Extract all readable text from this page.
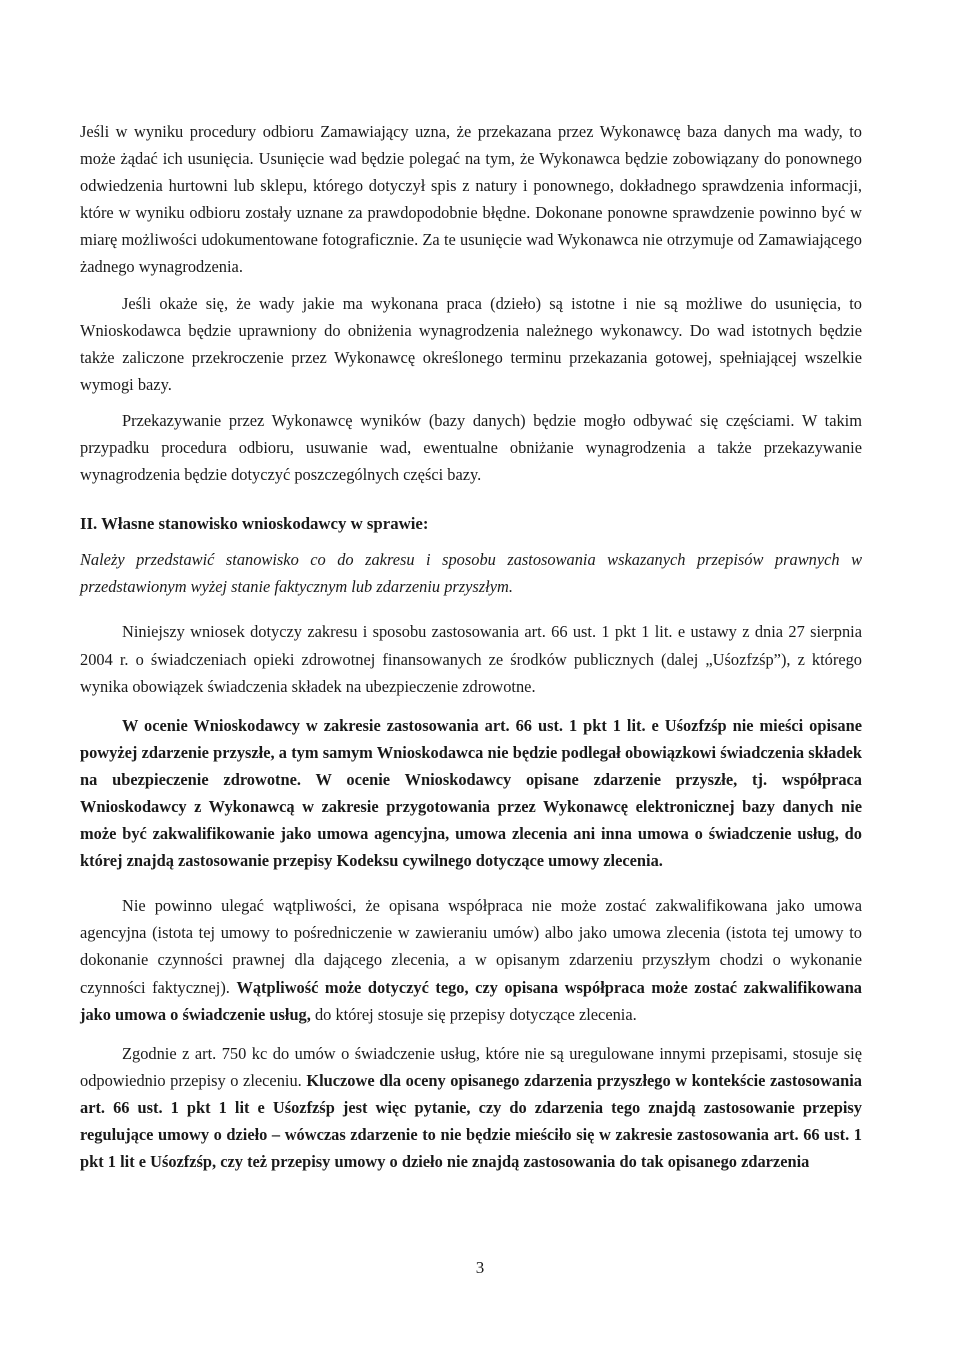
Jeśli w wyniku procedury odbioru Zamawiający uzna, że przekazana przez Wykonawcę baza danych ma wady, to może żądać ich usunięcia. Usunięcie wad będzie polegać na tym, że Wykonawca będzie zobowiązany do ponownego odwiedzenia hurtowni lub sklepu, którego dotyczył spis z natury i ponownego, dokładnego sprawdzenia informacji, które w wyniku odbioru zostały uznane za prawdopodobnie błędne. Dokonane ponowne sprawdzenie powinno być w miarę możliwości udokumentowane fotograficznie. Za te usunięcie wad Wykonawca nie otrzymuje od Zamawiającego żadnego wynagrodzenia.

Jeśli okaże się, że wady jakie ma wykonana praca (dzieło) są istotne i nie są możliwe do usunięcia, to Wnioskodawca będzie uprawniony do obniżenia wynagrodzenia należnego wykonawcy. Do wad istotnych będzie także zaliczone przekroczenie przez Wykonawcę określonego terminu przekazania gotowej, spełniającej wszelkie wymogi bazy.

Przekazywanie przez Wykonawcę wyników (bazy danych) będzie mogło odbywać się częściami. W takim przypadku procedura odbioru, usuwanie wad, ewentualne obniżanie wynagrodzenia a także przekazywanie wynagrodzenia będzie dotyczyć poszczególnych części bazy.

II. Własne stanowisko wnioskodawcy w sprawie:

Należy przedstawić stanowisko co do zakresu i sposobu zastosowania wskazanych przepisów prawnych w przedstawionym wyżej stanie faktycznym lub zdarzeniu przyszłym.

Niniejszy wniosek dotyczy zakresu i sposobu zastosowania art. 66 ust. 1 pkt 1 lit. e ustawy z dnia 27 sierpnia 2004 r. o świadczeniach opieki zdrowotnej finansowanych ze środków publicznych (dalej „Uśozfzśp”), z którego wynika obowiązek świadczenia składek na ubezpieczenie zdrowotne.

W ocenie Wnioskodawcy w zakresie zastosowania art. 66 ust. 1 pkt 1 lit. e Uśozfzśp nie mieści opisane powyżej zdarzenie przyszłe, a tym samym Wnioskodawca nie będzie podlegał obowiązkowi świadczenia składek na ubezpieczenie zdrowotne. W ocenie Wnioskodawcy opisane zdarzenie przyszłe, tj. współpraca Wnioskodawcy z Wykonawcą w zakresie przygotowania przez Wykonawcę elektronicznej bazy danych nie może być zakwalifikowanie jako umowa agencyjna, umowa zlecenia ani inna umowa o świadczenie usług, do której znajdą zastosowanie przepisy Kodeksu cywilnego dotyczące umowy zlecenia.

Nie powinno ulegać wątpliwości, że opisana współpraca nie może zostać zakwalifikowana jako umowa agencyjna (istota tej umowy to pośredniczenie w zawieraniu umów) albo jako umowa zlecenia (istota tej umowy to dokonanie czynności prawnej dla dającego zlecenia, a w opisanym zdarzeniu przyszłym chodzi o wykonanie czynności faktycznej). Wątpliwość może dotyczyć tego, czy opisana współpraca może zostać zakwalifikowana jako umowa o świadczenie usług, do której stosuje się przepisy dotyczące zlecenia.

Zgodnie z art. 750 kc do umów o świadczenie usług, które nie są uregulowane innymi przepisami, stosuje się odpowiednio przepisy o zleceniu. Kluczowe dla oceny opisanego zdarzenia przyszłego w kontekście zastosowania art. 66 ust. 1 pkt 1 lit e Uśozfzśp jest więc pytanie, czy do zdarzenia tego znajdą zastosowanie przepisy regulujące umowy o dzieło – wówczas zdarzenie to nie będzie mieściło się w zakresie zastosowania art. 66 ust. 1 pkt 1 lit e Uśozfzśp, czy też przepisy umowy o dzieło nie znajdą zastosowania do tak opisanego zdarzenia

3
